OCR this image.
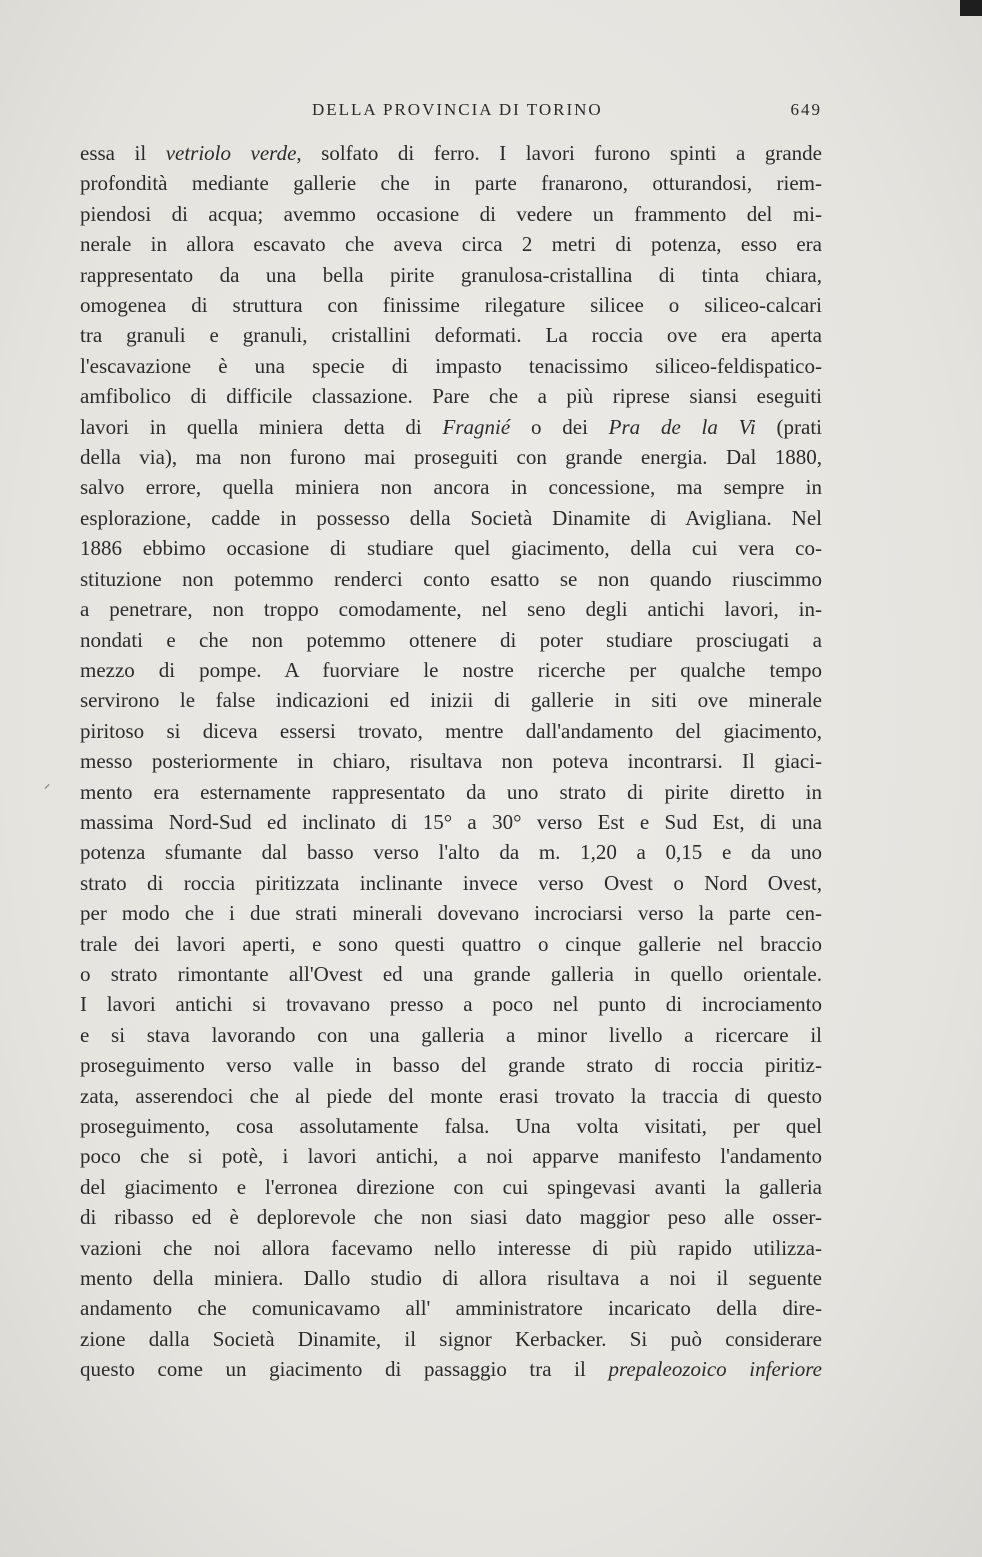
DELLA PROVINCIA DI TORINO	649
essa il vetriolo verde, solfato di ferro. I lavori furono spinti a grande
profondità mediante gallerie che in parte franarono, otturandosi, riem-
piendosi di acqua; avemmo occasione di vedere un frammento del mi-
nerale in allora escavato che aveva circa 2 metri di potenza, esso era
rappresentato da una bella pirite granulosa-cristallina di tinta chiara,
omogenea di struttura con finissime rilegature silicee o siliceo-calcari
tra granuli e granuli, cristallini deformati. La roccia ove era aperta
l'escavazione è una specie di impasto tenacissimo siliceo-feldispatico-
amfibolico di difficile classazione. Pare che a più riprese siansi eseguiti
lavori in quella miniera detta di Fragnié o dei Pra de la Vi (prati
della via), ma non furono mai proseguiti con grande energia. Dal 1880,
salvo errore, quella miniera non ancora in concessione, ma sempre in
esplorazione, cadde in possesso della Società Dinamite di Avigliana. Nel
1886 ebbimo occasione di studiare quel giacimento, della cui vera co-
stituzione non potemmo renderci conto esatto se non quando riuscimmo
a penetrare, non troppo comodamente, nel seno degli antichi lavori, in-
nondati e che non potemmo ottenere di poter studiare prosciugati a
mezzo di pompe. A fuorviare le nostre ricerche per qualche tempo
servirono le false indicazioni ed inizii di gallerie in siti ove minerale
piritoso si diceva essersi trovato, mentre dall'andamento del giacimento,
messo posteriormente in chiaro, risultava non poteva incontrarsi. Il giaci-
mento era esternamente rappresentato da uno strato di pirite diretto in
massima Nord-Sud ed inclinato di 15° a 30° verso Est e Sud Est, di una
potenza sfumante dal basso verso l'alto da m. 1,20 a 0,15 e da uno
strato di roccia piritizzata inclinante invece verso Ovest o Nord Ovest,
per modo che i due strati minerali dovevano incrociarsi verso la parte cen-
trale dei lavori aperti, e sono questi quattro o cinque gallerie nel braccio
o strato rimontante all'Ovest ed una grande galleria in quello orientale.
I lavori antichi si trovavano presso a poco nel punto di incrociamento
e si stava lavorando con una galleria a minor livello a ricercare il
proseguimento verso valle in basso del grande strato di roccia piritiz-
zata, asserendoci che al piede del monte erasi trovato la traccia di questo
proseguimento, cosa assolutamente falsa. Una volta visitati, per quel
poco che si potè, i lavori antichi, a noi apparve manifesto l'andamento
del giacimento e l'erronea direzione con cui spingevasi avanti la galleria
di ribasso ed è deplorevole che non siasi dato maggior peso alle osser-
vazioni che noi allora facevamo nello interesse di più rapido utilizza-
mento della miniera. Dallo studio di allora risultava a noi il seguente
andamento che comunicavamo all' amministratore incaricato della dire-
zione dalla Società Dinamite, il signor Kerbacker. Si può considerare
questo come un giacimento di passaggio tra il prepaleozoico inferiore
